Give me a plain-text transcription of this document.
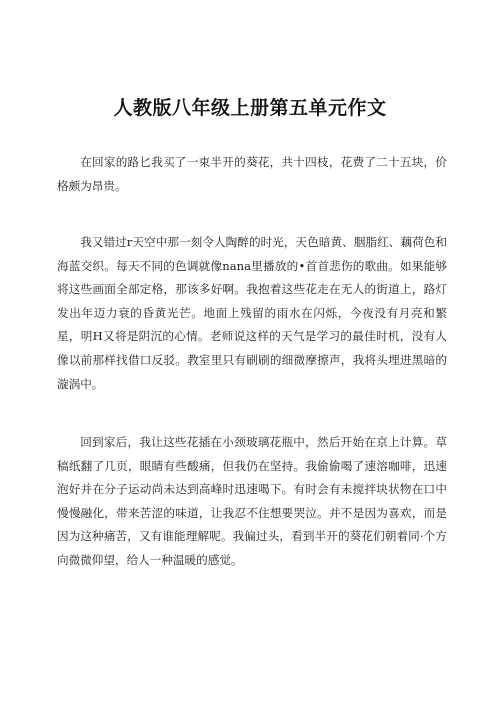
人教版八年级上册第五单元作文

在回家的路匕我买了一束半开的葵花，共十四枝，花费了二十五块，价格颇为昂贵。

我又错过r天空中那一刻令人陶醉的时光，天色暗黄、胭脂红、藕荷色和海蓝交织。每天不同的色调就像nana里播放的•首首悲伤的歌曲。如果能够将这些画面全部定格，那该多好啊。我抱着这些花走在无人的街道上，路灯发出年迈力衰的昏黄光芒。地面上残留的雨水在闪烁，今夜没有月亮和繁星，明H又将是阴沉的心情。老师说这样的天气是学习的最佳时机，没有人像以前那样找借口反驳。教室里只有刷刷的细微摩擦声，我将头埋进黑暗的漩涡中。

回到家后，我让这些花插在小颈玻璃花瓶中，然后开始在京上计算。草稿纸翻了几页，眼睛有些酸痛，但我仍在坚持。我偷偷喝了速溶咖啡，迅速泡好并在分子运动尚未达到高峰时迅速喝下。有时会有未搅拌块状物在口中慢慢融化，带来苦涩的味道，让我忍不住想要哭泣。并不是因为喜欢，而是因为这种痛苦，又有谁能理解呢。我偏过头，看到半开的葵花们朝着同·个方向微微仰望，给人一种温暖的感觉。
